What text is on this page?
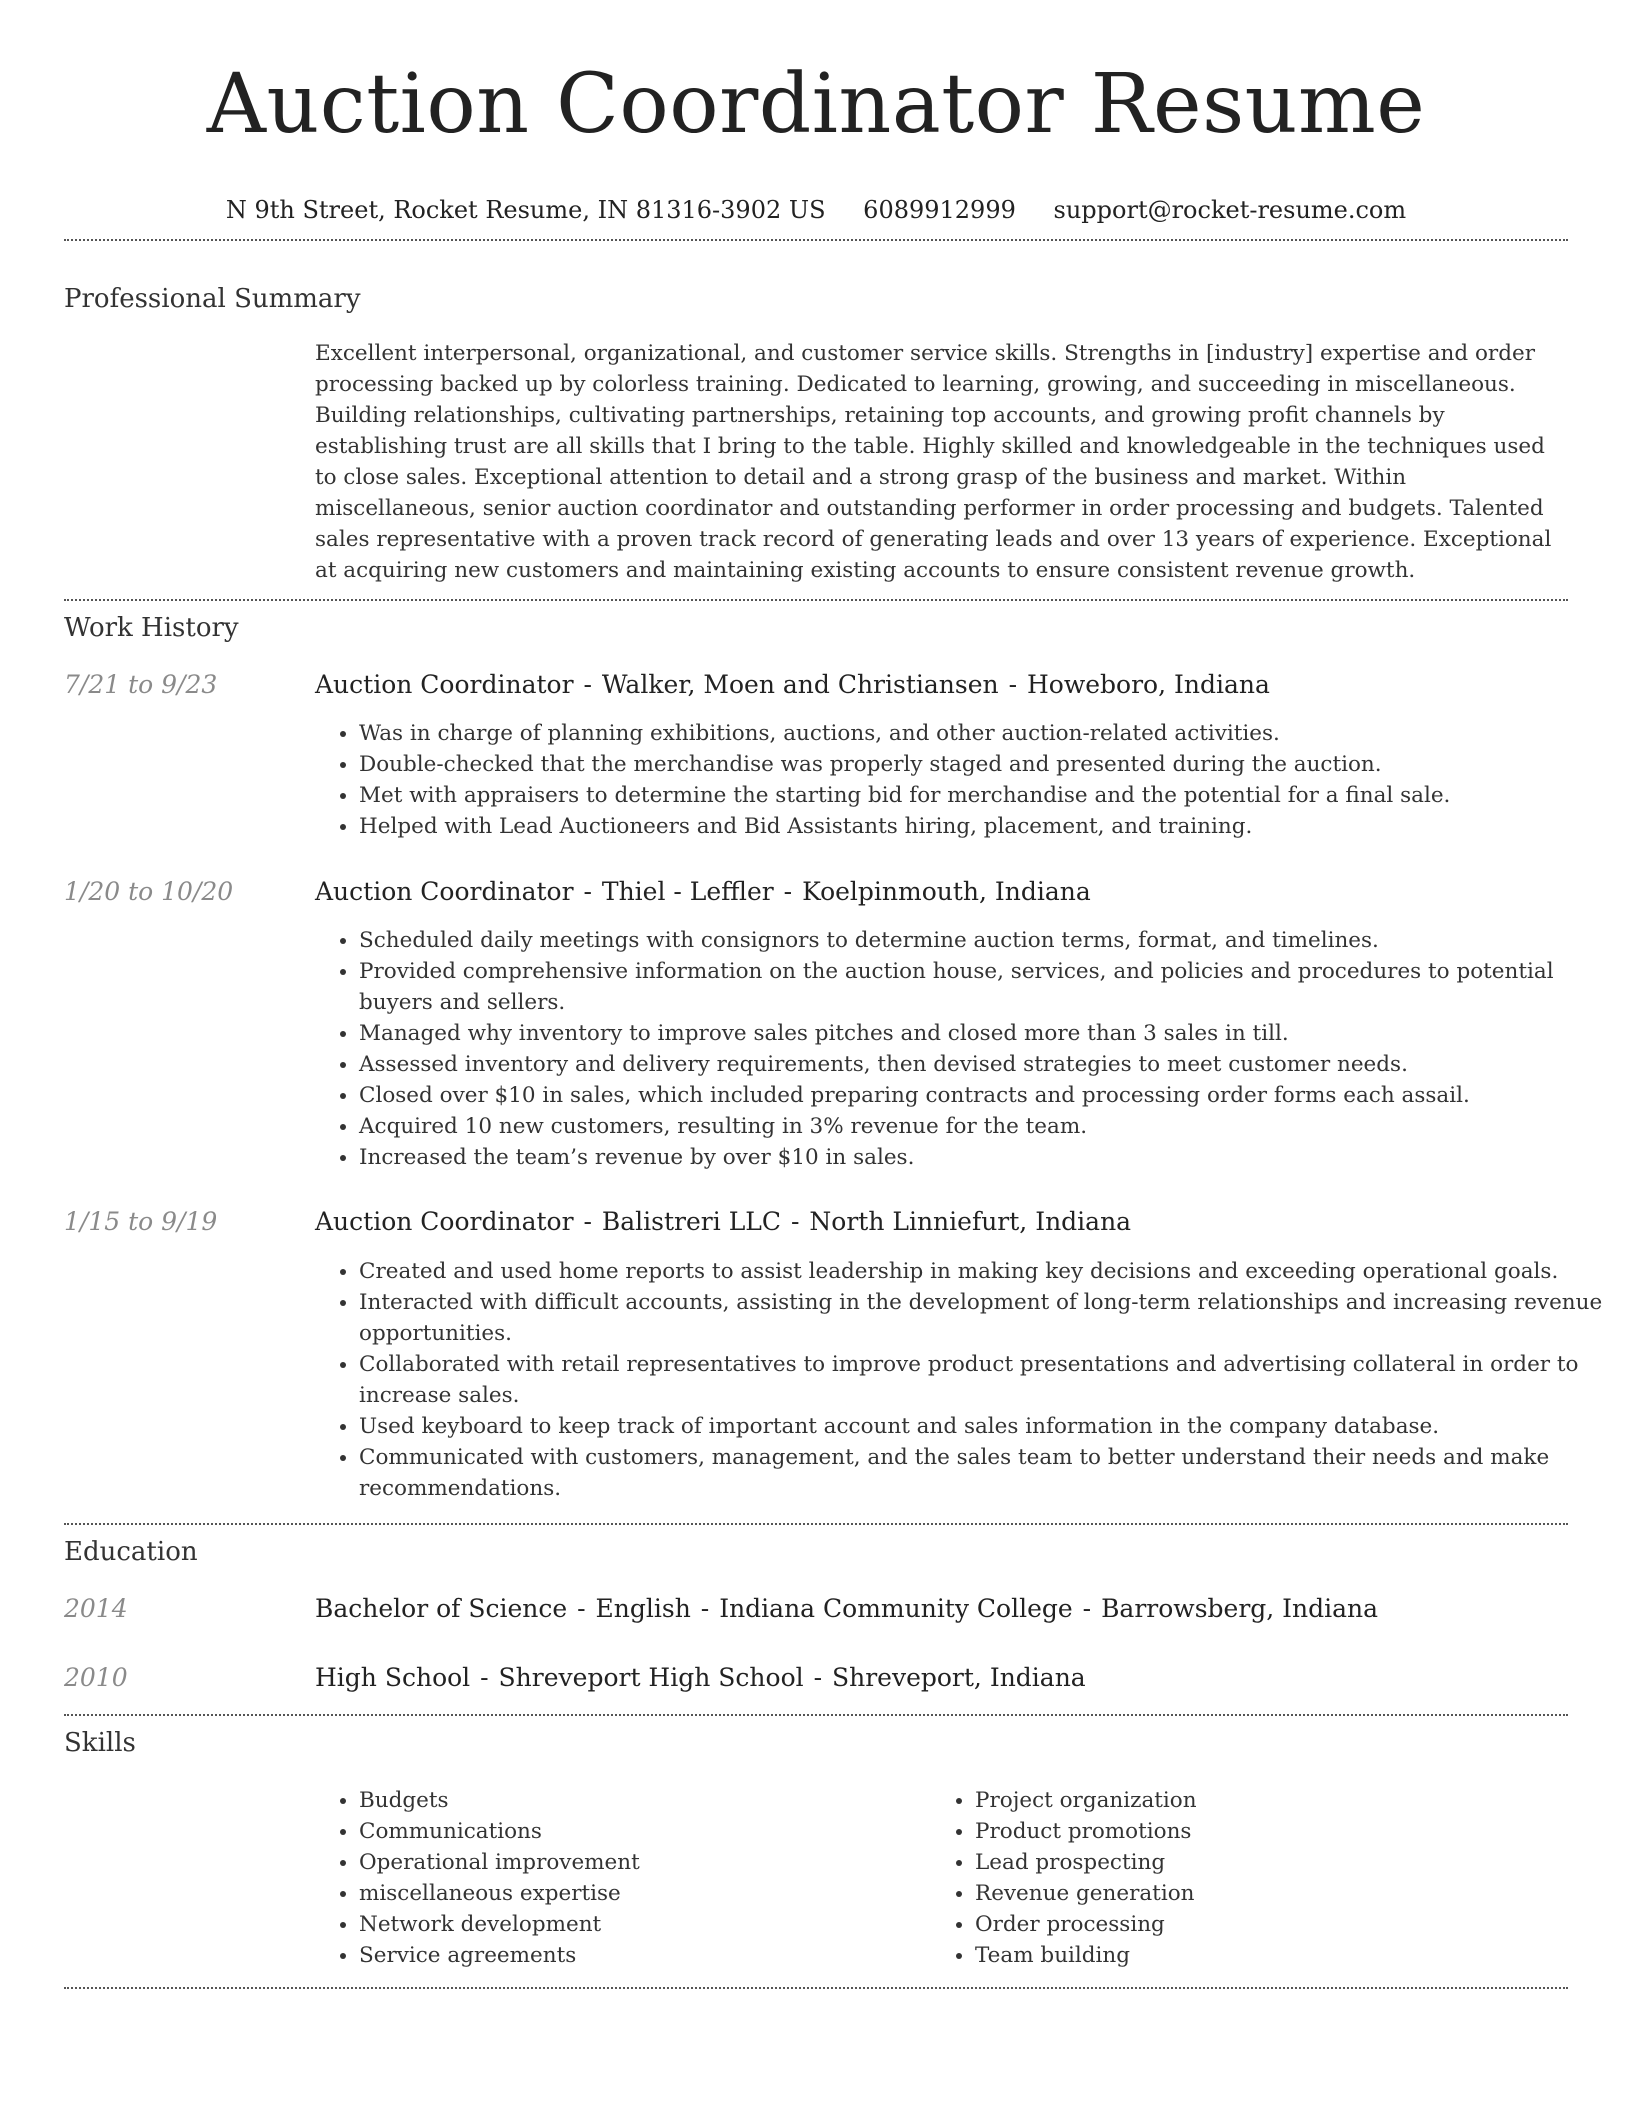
Auction Coordinator Resume
N 9th Street, Rocket Resume, IN 81316-3902 US 6089912999 support@rocket-resume.com
Professional Summary

Excellent interpersonal, organizational, and customer service skills. Strengths in [industry] expertise and order processing backed up by colorless training. Dedicated to learning, growing, and succeeding in miscellaneous. Building relationships, cultivating partnerships, retaining top accounts, and growing profit channels by establishing trust are all skills that I bring to the table. Highly skilled and knowledgeable in the techniques used to close sales. Exceptional attention to detail and a strong grasp of the business and market. Within miscellaneous, senior auction coordinator and outstanding performer in order processing and budgets. Talented sales representative with a proven track record of generating leads and over 13 years of experience. Exceptional at acquiring new customers and maintaining existing accounts to ensure consistent revenue growth.

Work History
7/21 to 9/23	Auction Coordinator - Walker, Moen and Christiansen - Howeboro, Indiana
• Was in charge of planning exhibitions, auctions, and other auction-related activities.
• Double-checked that the merchandise was properly staged and presented during the auction.
• Met with appraisers to determine the starting bid for merchandise and the potential for a final sale.
• Helped with Lead Auctioneers and Bid Assistants hiring, placement, and training.
1/20 to 10/20	Auction Coordinator - Thiel - Leffler - Koelpinmouth, Indiana
• Scheduled daily meetings with consignors to determine auction terms, format, and timelines.
• Provided comprehensive information on the auction house, services, and policies and procedures to potential buyers and sellers.
• Managed why inventory to improve sales pitches and closed more than 3 sales in till.
• Assessed inventory and delivery requirements, then devised strategies to meet customer needs.
• Closed over $10 in sales, which included preparing contracts and processing order forms each assail.
• Acquired 10 new customers, resulting in 3% revenue for the team.
• Increased the team’s revenue by over $10 in sales.
1/15 to 9/19	Auction Coordinator - Balistreri LLC - North Linniefurt, Indiana
• Created and used home reports to assist leadership in making key decisions and exceeding operational goals.
• Interacted with difficult accounts, assisting in the development of long-term relationships and increasing revenue opportunities.
• Collaborated with retail representatives to improve product presentations and advertising collateral in order to increase sales.
• Used keyboard to keep track of important account and sales information in the company database.
• Communicated with customers, management, and the sales team to better understand their needs and make recommendations.
Education
2014	Bachelor of Science - English - Indiana Community College - Barrowsberg, Indiana
2010	High School - Shreveport High School - Shreveport, Indiana
Skills
• Budgets
• Communications
• Operational improvement
• miscellaneous expertise
• Network development
• Service agreements
• Project organization
• Product promotions
• Lead prospecting
• Revenue generation
• Order processing
• Team building
